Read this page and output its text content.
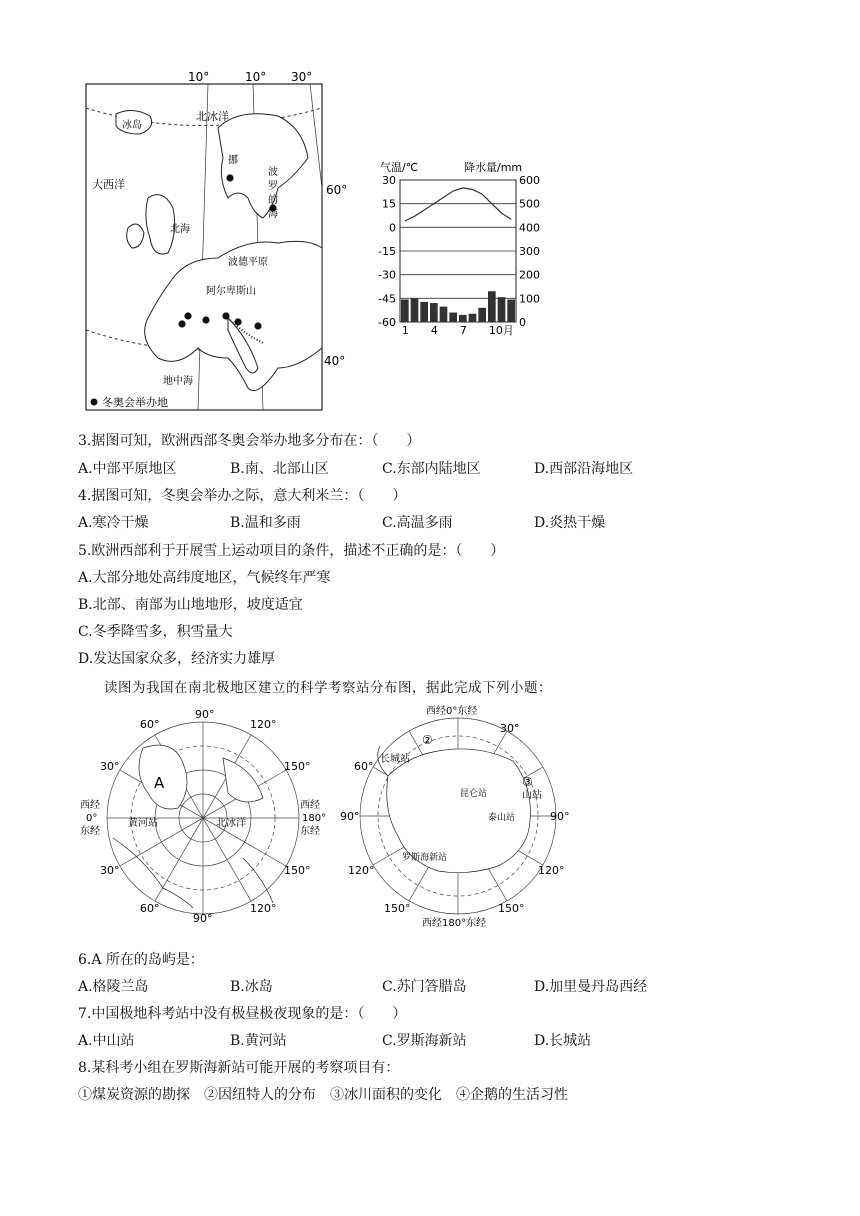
10°	10° 30°
60°
40°
冰岛
北冰洋
大西洋
北海
挪
波
罗
的
海
波德平原
阿尔卑斯山
地中海
冬奥会举办地
气温/℃	降水量/mm
30	600
15	500
0	400
-15	300
-30	200
-45	100
-60	0
1 4 7 10月
3.据图可知，欧洲西部冬奥会举办地多分布在：（　　）
A.中部平原地区	B.南、北部山区	C.东部内陆地区	D.西部沿海地区
4.据图可知，冬奥会举办之际，意大利米兰：（　　）
A.寒冷干燥	B.温和多雨	C.高温多雨	D.炎热干燥
5.欧洲西部利于开展雪上运动项目的条件，描述不正确的是：（　　）
A.大部分地处高纬度地区，气候终年严寒
B.北部、南部为山地地形，坡度适宜
C.冬季降雪多，积雪量大
D.发达国家众多，经济实力雄厚
读图为我国在南北极地区建立的科学考察站分布图，据此完成下列小题：
90°
60°	120°
30°	150°
西经
0°
东经
西经
180°
东经
30°	150°
60°	120°
90°
A
黄河站	北冰洋
西经0°东经
西经180°东经
30°
60°
90°	90°
120°	120°
150°	150°
②
③
长城站
山站
昆仑站
泰山站
罗斯海新站
6.A 所在的岛屿是：
A.格陵兰岛	B.冰岛	C.苏门答腊岛	D.加里曼丹岛西经
7.中国极地科考站中没有极昼极夜现象的是：（　　）
A.中山站	B.黄河站	C.罗斯海新站	D.长城站
8.某科考小组在罗斯海新站可能开展的考察项目有：
①煤炭资源的勘探　②因纽特人的分布　③冰川面积的变化　④企鹅的生活习性
